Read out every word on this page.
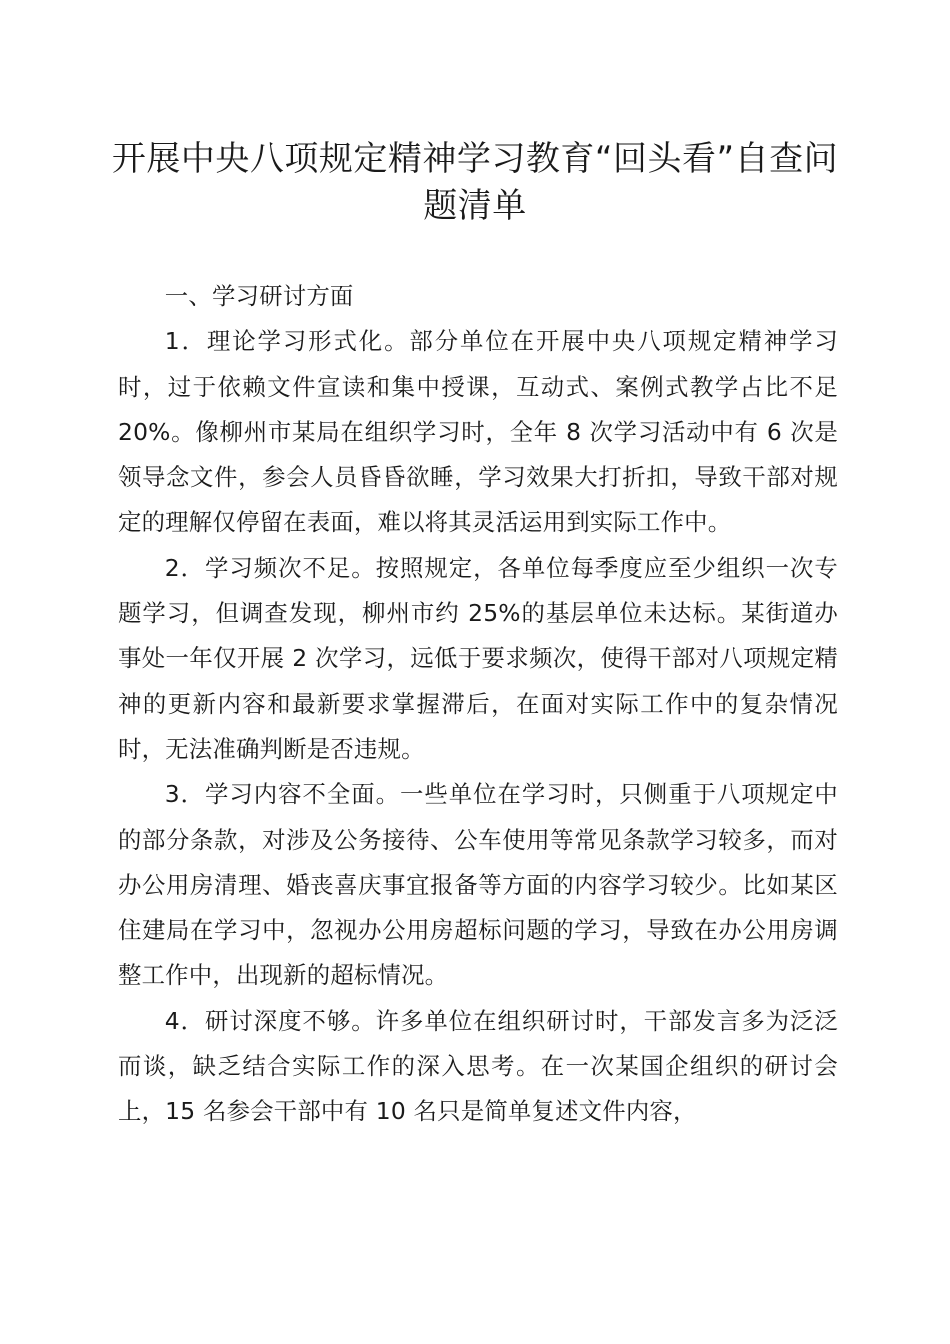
开展中央八项规定精神学习教育“回头看”自查问题清单

一、学习研讨方面

1．理论学习形式化。部分单位在开展中央八项规定精神学习时，过于依赖文件宣读和集中授课，互动式、案例式教学占比不足 20%。像柳州市某局在组织学习时，全年 8 次学习活动中有 6 次是领导念文件，参会人员昏昏欲睡，学习效果大打折扣，导致干部对规定的理解仅停留在表面，难以将其灵活运用到实际工作中。

2．学习频次不足。按照规定，各单位每季度应至少组织一次专题学习，但调查发现，柳州市约 25%的基层单位未达标。某街道办事处一年仅开展 2 次学习，远低于要求频次，使得干部对八项规定精神的更新内容和最新要求掌握滞后，在面对实际工作中的复杂情况时，无法准确判断是否违规。

3．学习内容不全面。一些单位在学习时，只侧重于八项规定中的部分条款，对涉及公务接待、公车使用等常见条款学习较多，而对办公用房清理、婚丧喜庆事宜报备等方面的内容学习较少。比如某区住建局在学习中，忽视办公用房超标问题的学习，导致在办公用房调整工作中，出现新的超标情况。

4．研讨深度不够。许多单位在组织研讨时，干部发言多为泛泛而谈，缺乏结合实际工作的深入思考。在一次某国企组织的研讨会上，15 名参会干部中有 10 名只是简单复述文件内容，
